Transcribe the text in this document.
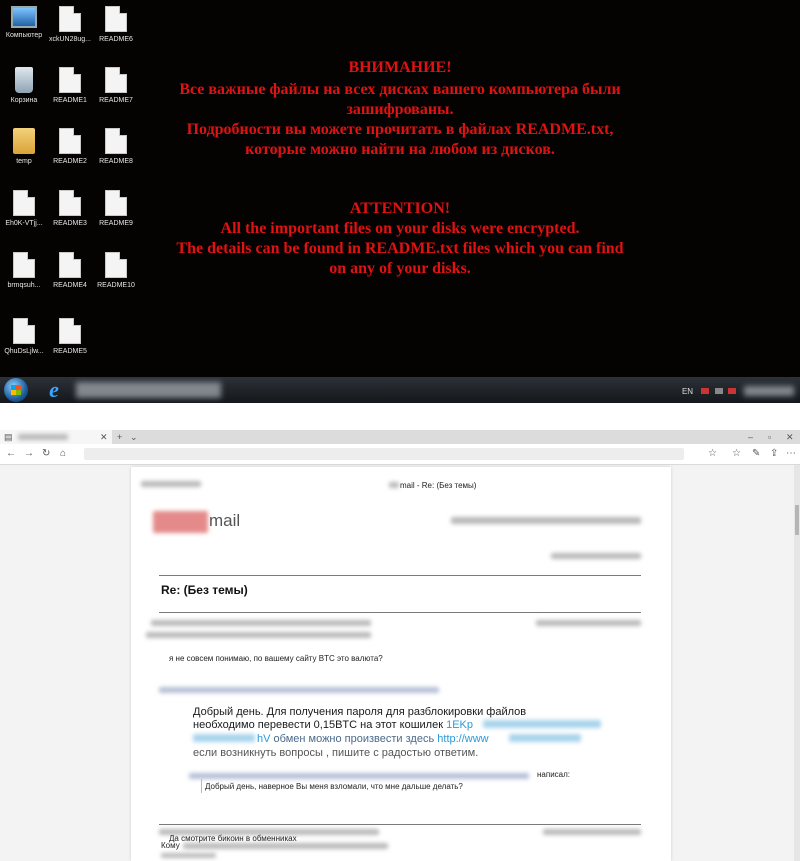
Компьютер
Корзина
temp
Eh0K-VTjj...
brmqsuh...
QhuDsLjlw...
xckUN28ug...
README1
README2
README3
README4
README5
README6
README7
README8
README9
README10
ВНИМАНИЕ!
Все важные файлы на всех дисках вашего компьютера были
зашифрованы.
Подробности вы можете прочитать в файлах README.txt,
которые можно найти на любом из дисков.
ATTENTION!
All the important files on your disks were encrypted.
The details can be found in README.txt files which you can find
on any of your disks.
e	EN
▤	✕ + ⌄	– ▫ ✕
← → ↻ ⌂	☆ ☆ ✎ ⇪ ⋯
mail - Re: (Без темы)
mail
Re: (Без темы)
я не совсем понимаю, по вашему сайту BTC это валюта?
Добрый день. Для получения пароля для разблокировки файлов
необходимо перевести 0,15BTC на этот кошилек 1EKp
hV обмен можно произвести здесь http://www
если возникнуть вопросы , пишите с радостью ответим.
написал:
Добрый день, наверное Вы меня взломали, что мне дальше делать?
Кому
Да смотрите бикоин в обменниках
